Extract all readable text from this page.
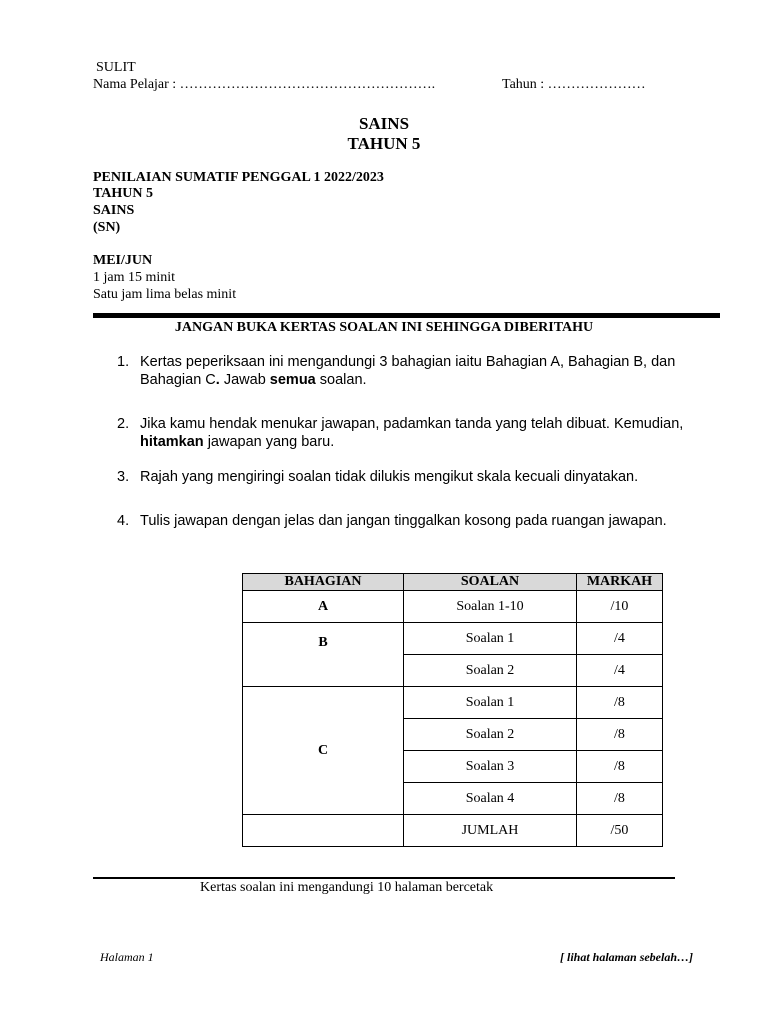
SULIT
Nama Pelajar : ……………………………………………….	Tahun : …………………
SAINS
TAHUN 5
PENILAIAN SUMATIF PENGGAL 1 2022/2023
TAHUN 5
SAINS
(SN)
MEI/JUN
1 jam 15 minit
Satu jam lima belas minit
JANGAN BUKA KERTAS SOALAN INI SEHINGGA DIBERITAHU
1. Kertas peperiksaan ini mengandungi 3 bahagian iaitu Bahagian A, Bahagian B, dan Bahagian C. Jawab semua soalan.
2. Jika kamu hendak menukar jawapan, padamkan tanda yang telah dibuat. Kemudian, hitamkan jawapan yang baru.
3. Rajah yang mengiringi soalan tidak dilukis mengikut skala kecuali dinyatakan.
4. Tulis jawapan dengan jelas dan jangan tinggalkan kosong pada ruangan jawapan.
BAHAGIAN	SOALAN	MARKAH
A	Soalan 1-10	/10
B	Soalan 1	/4
	Soalan 2	/4
C	Soalan 1	/8
	Soalan 2	/8
	Soalan 3	/8
	Soalan 4	/8
	JUMLAH	/50
Kertas soalan ini mengandungi 10 halaman bercetak
Halaman 1	[ lihat halaman sebelah…]
